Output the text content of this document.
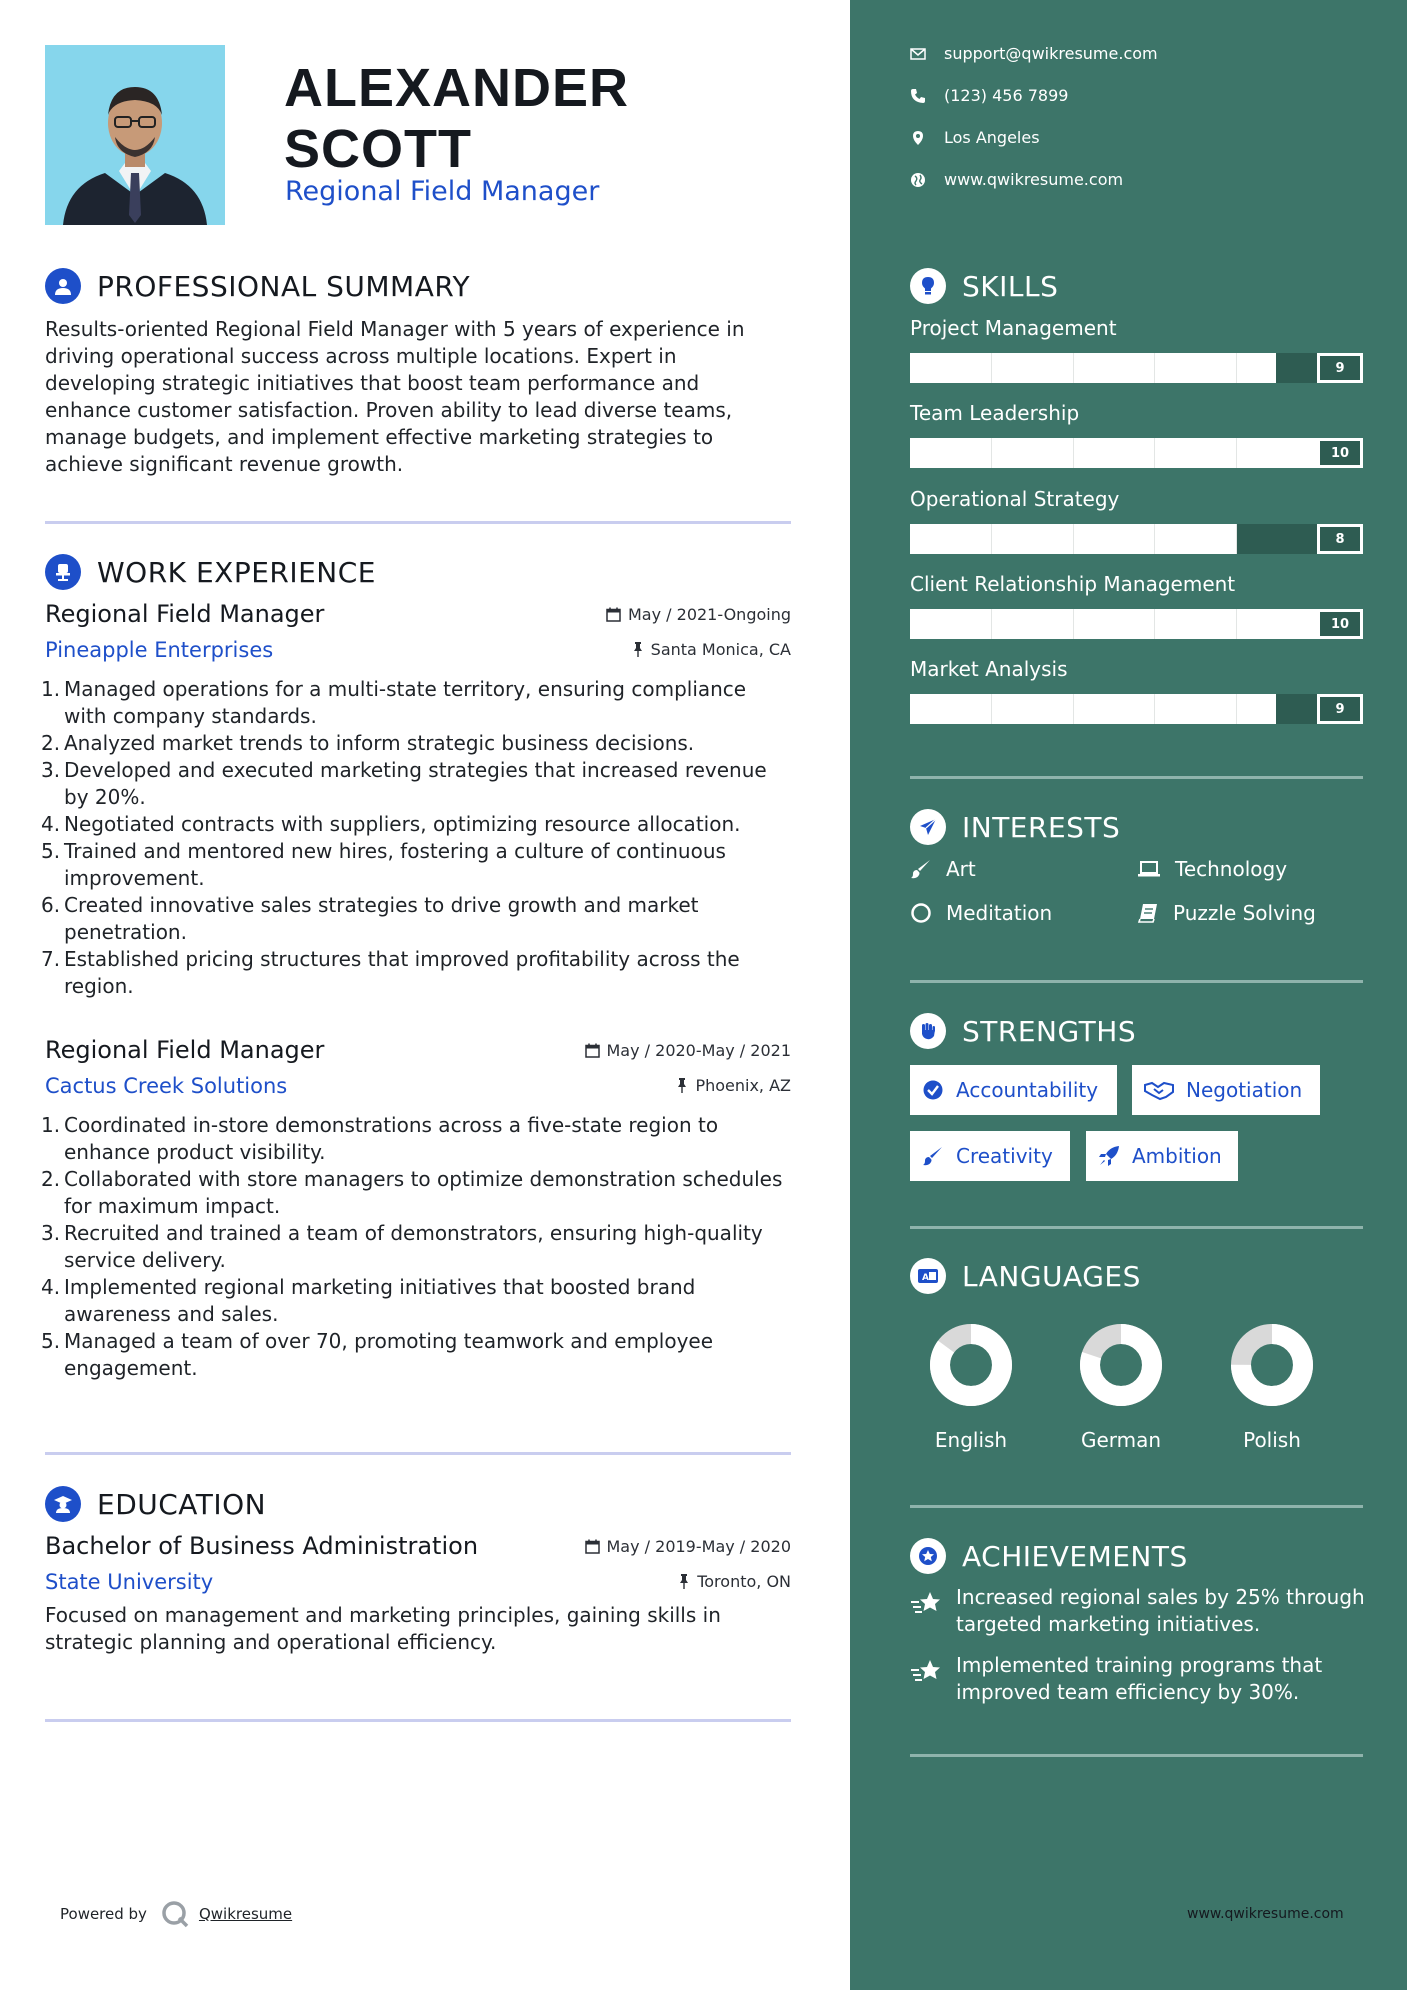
ALEXANDER
SCOTT
Regional Field Manager
PROFESSIONAL SUMMARY
Results-oriented Regional Field Manager with 5 years of experience in driving operational success across multiple locations. Expert in developing strategic initiatives that boost team performance and enhance customer satisfaction. Proven ability to lead diverse teams, manage budgets, and implement effective marketing strategies to achieve significant revenue growth.
WORK EXPERIENCE
Regional Field Manager	May / 2021-Ongoing
Pineapple Enterprises	Santa Monica, CA
1. Managed operations for a multi-state territory, ensuring compliance with company standards.
2. Analyzed market trends to inform strategic business decisions.
3. Developed and executed marketing strategies that increased revenue by 20%.
4. Negotiated contracts with suppliers, optimizing resource allocation.
5. Trained and mentored new hires, fostering a culture of continuous improvement.
6. Created innovative sales strategies to drive growth and market penetration.
7. Established pricing structures that improved profitability across the region.
Regional Field Manager	May / 2020-May / 2021
Cactus Creek Solutions	Phoenix, AZ
1. Coordinated in-store demonstrations across a five-state region to enhance product visibility.
2. Collaborated with store managers to optimize demonstration schedules for maximum impact.
3. Recruited and trained a team of demonstrators, ensuring high-quality service delivery.
4. Implemented regional marketing initiatives that boosted brand awareness and sales.
5. Managed a team of over 70, promoting teamwork and employee engagement.
EDUCATION
Bachelor of Business Administration	May / 2019-May / 2020
State University	Toronto, ON
Focused on management and marketing principles, gaining skills in strategic planning and operational efficiency.
Powered by	Qwikresume
support@qwikresume.com
(123) 456 7899
Los Angeles
www.qwikresume.com
SKILLS
Project Management
9
Team Leadership
10
Operational Strategy
8
Client Relationship Management
10
Market Analysis
9
INTERESTS
Art	Technology
Meditation	Puzzle Solving
STRENGTHS
Accountability	Negotiation
Creativity	Ambition
A LANGUAGES
English	German	Polish
ACHIEVEMENTS
Increased regional sales by 25% through targeted marketing initiatives.
Implemented training programs that improved team efficiency by 30%.
www.qwikresume.com
